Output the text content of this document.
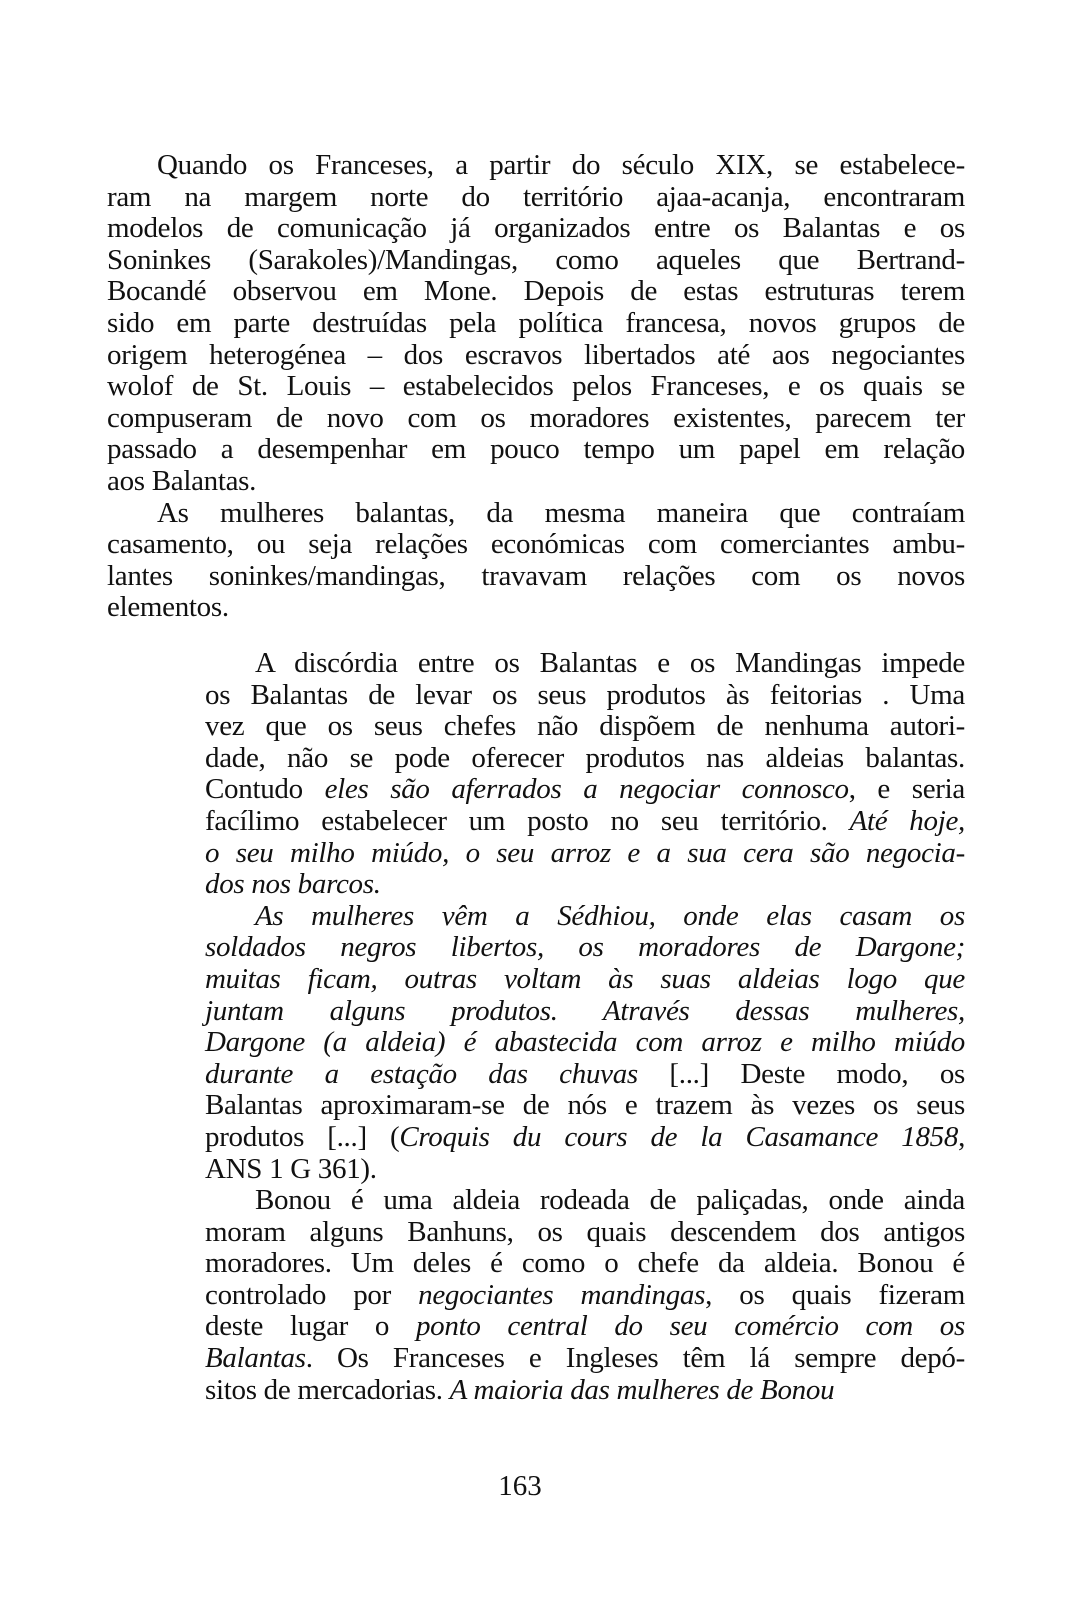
Quando os Franceses, a partir do século XIX, se estabelece-
ram na margem norte do território ajaa-acanja, encontraram
modelos de comunicação já organizados entre os Balantas e os
Soninkes (Sarakoles)/Mandingas, como aqueles que Bertrand-
Bocandé observou em Mone. Depois de estas estruturas terem
sido em parte destruídas pela política francesa, novos grupos de
origem heterogénea – dos escravos libertados até aos negociantes
wolof de St. Louis – estabelecidos pelos Franceses, e os quais se
compuseram de novo com os moradores existentes, parecem ter
passado a desempenhar em pouco tempo um papel em relação
aos Balantas.
As mulheres balantas, da mesma maneira que contraíam
casamento, ou seja relações económicas com comerciantes ambu-
lantes soninkes/mandingas, travavam relações com os novos
elementos.
A discórdia entre os Balantas e os Mandingas impede
os Balantas de levar os seus produtos às feitorias . Uma
vez que os seus chefes não dispõem de nenhuma autori-
dade, não se pode oferecer produtos nas aldeias balantas.
Contudo eles são aferrados a negociar connosco, e seria
facílimo estabelecer um posto no seu território. Até hoje,
o seu milho miúdo, o seu arroz e a sua cera são negocia-
dos nos barcos.
As mulheres vêm a Sédhiou, onde elas casam os
soldados negros libertos, os moradores de Dargone;
muitas ficam, outras voltam às suas aldeias logo que
juntam alguns produtos. Através dessas mulheres,
Dargone (a aldeia) é abastecida com arroz e milho miúdo
durante a estação das chuvas [...] Deste modo, os
Balantas aproximaram-se de nós e trazem às vezes os seus
produtos [...] (Croquis du cours de la Casamance 1858,
ANS 1 G 361).
Bonou é uma aldeia rodeada de paliçadas, onde ainda
moram alguns Banhuns, os quais descendem dos antigos
moradores. Um deles é como o chefe da aldeia. Bonou é
controlado por negociantes mandingas, os quais fizeram
deste lugar o ponto central do seu comércio com os
Balantas. Os Franceses e Ingleses têm lá sempre depó-
sitos de mercadorias. A maioria das mulheres de Bonou
163
